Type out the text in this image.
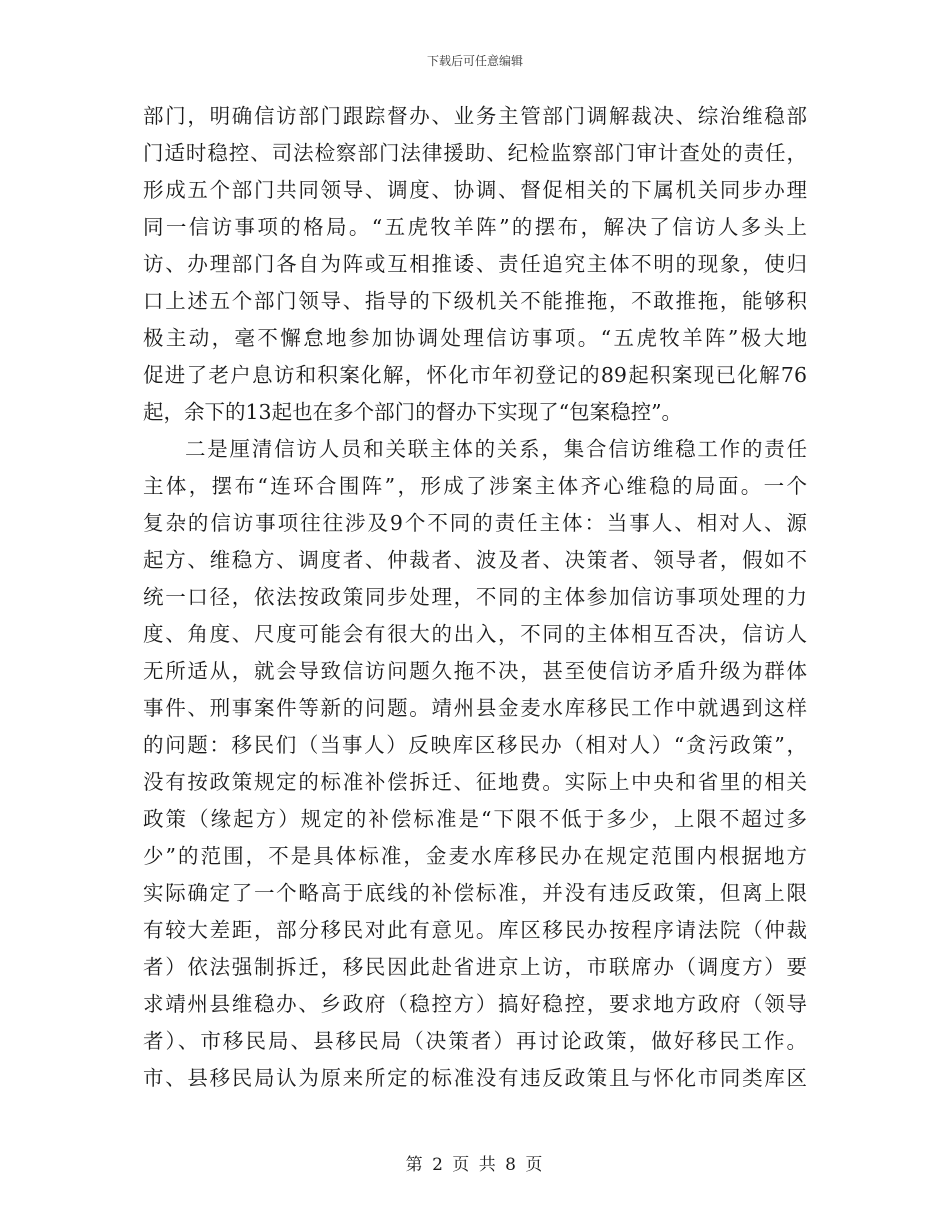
下载后可任意编辑
部门，明确信访部门跟踪督办、业务主管部门调解裁决、综治维稳部
门适时稳控、司法检察部门法律援助、纪检监察部门审计查处的责任，
形成五个部门共同领导、调度、协调、督促相关的下属机关同步办理
同一信访事项的格局。“五虎牧羊阵”的摆布，解决了信访人多头上
访、办理部门各自为阵或互相推诿、责任追究主体不明的现象，使归
口上述五个部门领导、指导的下级机关不能推拖，不敢推拖，能够积
极主动，毫不懈怠地参加协调处理信访事项。“五虎牧羊阵”极大地
促进了老户息访和积案化解，怀化市年初登记的89起积案现已化解76
起，余下的13起也在多个部门的督办下实现了“包案稳控”。
二是厘清信访人员和关联主体的关系，集合信访维稳工作的责任
主体，摆布“连环合围阵”，形成了涉案主体齐心维稳的局面。一个
复杂的信访事项往往涉及9个不同的责任主体：当事人、相对人、源
起方、维稳方、调度者、仲裁者、波及者、决策者、领导者，假如不
统一口径，依法按政策同步处理，不同的主体参加信访事项处理的力
度、角度、尺度可能会有很大的出入，不同的主体相互否决，信访人
无所适从，就会导致信访问题久拖不决，甚至使信访矛盾升级为群体
事件、刑事案件等新的问题。靖州县金麦水库移民工作中就遇到这样
的问题：移民们（当事人）反映库区移民办（相对人）“贪污政策”，
没有按政策规定的标准补偿拆迁、征地费。实际上中央和省里的相关
政策（缘起方）规定的补偿标准是“下限不低于多少，上限不超过多
少”的范围，不是具体标准，金麦水库移民办在规定范围内根据地方
实际确定了一个略高于底线的补偿标准，并没有违反政策，但离上限
有较大差距，部分移民对此有意见。库区移民办按程序请法院（仲裁
者）依法强制拆迁，移民因此赴省进京上访，市联席办（调度方）要
求靖州县维稳办、乡政府（稳控方）搞好稳控，要求地方政府（领导
者）、市移民局、县移民局（决策者）再讨论政策，做好移民工作。
市、县移民局认为原来所定的标准没有违反政策且与怀化市同类库区
第 2 页 共 8 页
